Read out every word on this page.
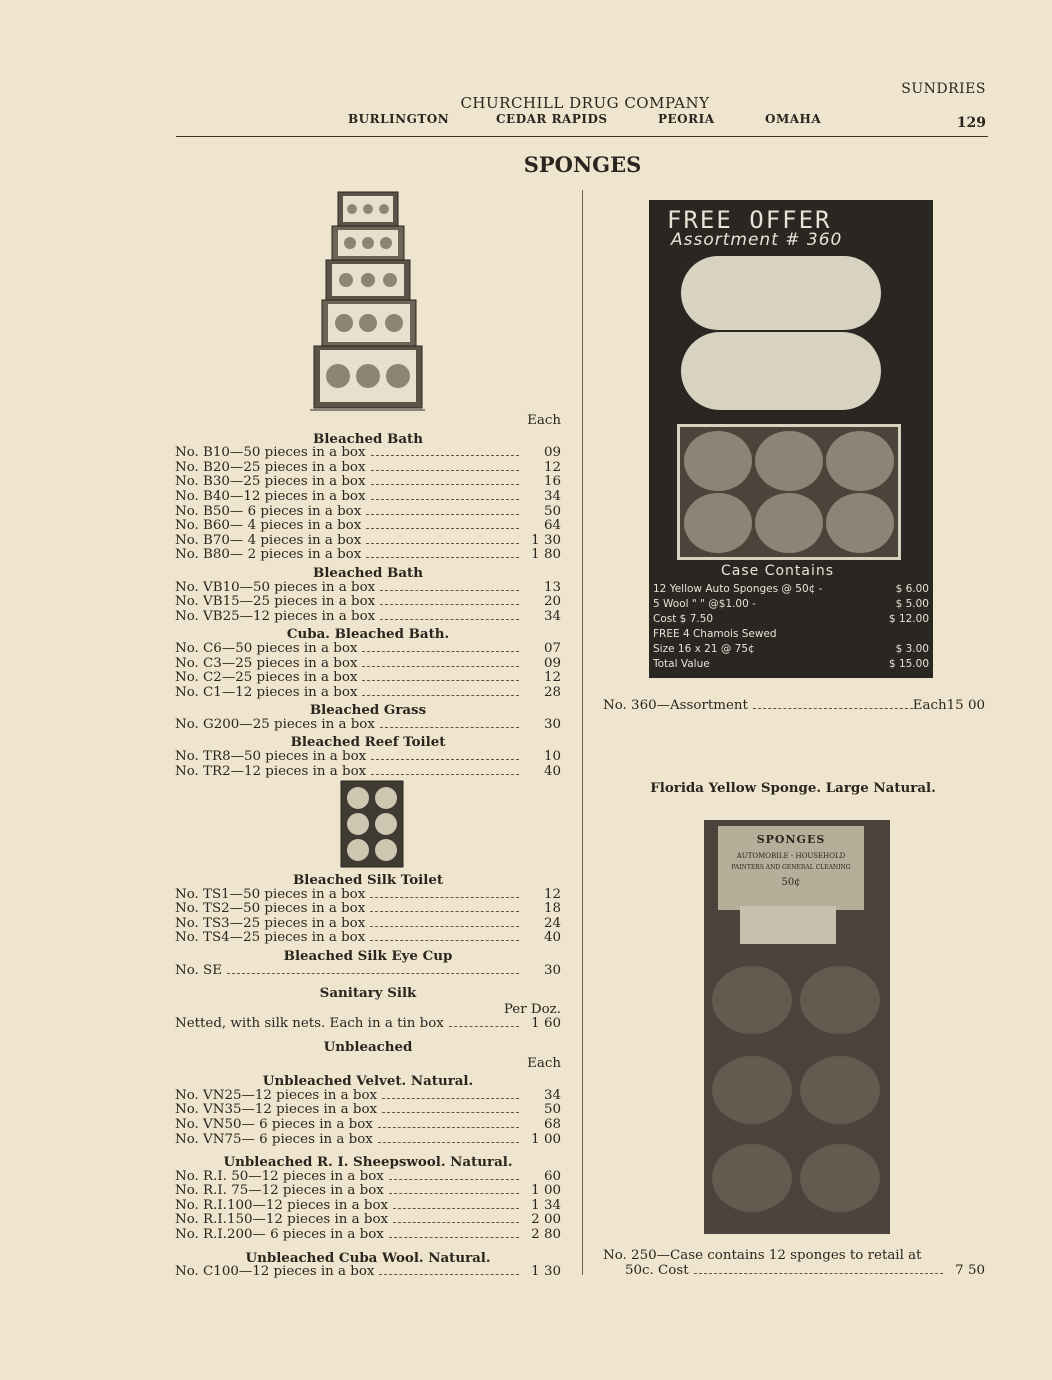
SUNDRIES
CHURCHILL DRUG COMPANY
BURLINGTON	CEDAR RAPIDS	PEORIA	OMAHA	129
SPONGES
Each
Bleached Bath
No. B10—50 pieces in a box	09
No. B20—25 pieces in a box	12
No. B30—25 pieces in a box	16
No. B40—12 pieces in a box	34
No. B50— 6 pieces in a box	50
No. B60— 4 pieces in a box	64
No. B70— 4 pieces in a box	1 30
No. B80— 2 pieces in a box	1 80
Bleached Bath
No. VB10—50 pieces in a box	13
No. VB15—25 pieces in a box	20
No. VB25—12 pieces in a box	34
Cuba. Bleached Bath.
No. C6—50 pieces in a box	07
No. C3—25 pieces in a box	09
No. C2—25 pieces in a box	12
No. C1—12 pieces in a box	28
Bleached Grass
No. G200—25 pieces in a box	30
Bleached Reef Toilet
No. TR8—50 pieces in a box	10
No. TR2—12 pieces in a box	40
Bleached Silk Toilet
No. TS1—50 pieces in a box	12
No. TS2—50 pieces in a box	18
No. TS3—25 pieces in a box	24
No. TS4—25 pieces in a box	40
Bleached Silk Eye Cup
No. SE	30
Sanitary Silk
Per Doz.
Netted, with silk nets. Each in a tin box	1 60
Unbleached
Each
Unbleached Velvet. Natural.
No. VN25—12 pieces in a box	34
No. VN35—12 pieces in a box	50
No. VN50— 6 pieces in a box	68
No. VN75— 6 pieces in a box	1 00
Unbleached R. I. Sheepswool. Natural.
No. R.I. 50—12 pieces in a box	60
No. R.I. 75—12 pieces in a box	1 00
No. R.I.100—12 pieces in a box	1 34
No. R.I.150—12 pieces in a box	2 00
No. R.I.200— 6 pieces in a box	2 80
Unbleached Cuba Wool. Natural.
No. C100—12 pieces in a box	1 30
FREE OFFER
Assortment # 360
Case Contains
12 Yellow Auto Sponges @ 50¢ -	$ 6.00
5 Wool " " @$1.00 -	$ 5.00
Cost $ 7.50	$ 12.00
FREE 4 Chamois Sewed
Size 16 x 21 @ 75¢	$ 3.00
Total Value	$ 15.00
No. 360—Assortment	Each 15 00
Florida Yellow Sponge. Large Natural.
SPONGES
AUTOMOBILE - HOUSEHOLD
PAINTERS AND GENERAL CLEANING
50¢
No. 250—Case contains 12 sponges to retail at
50c. Cost	7 50
